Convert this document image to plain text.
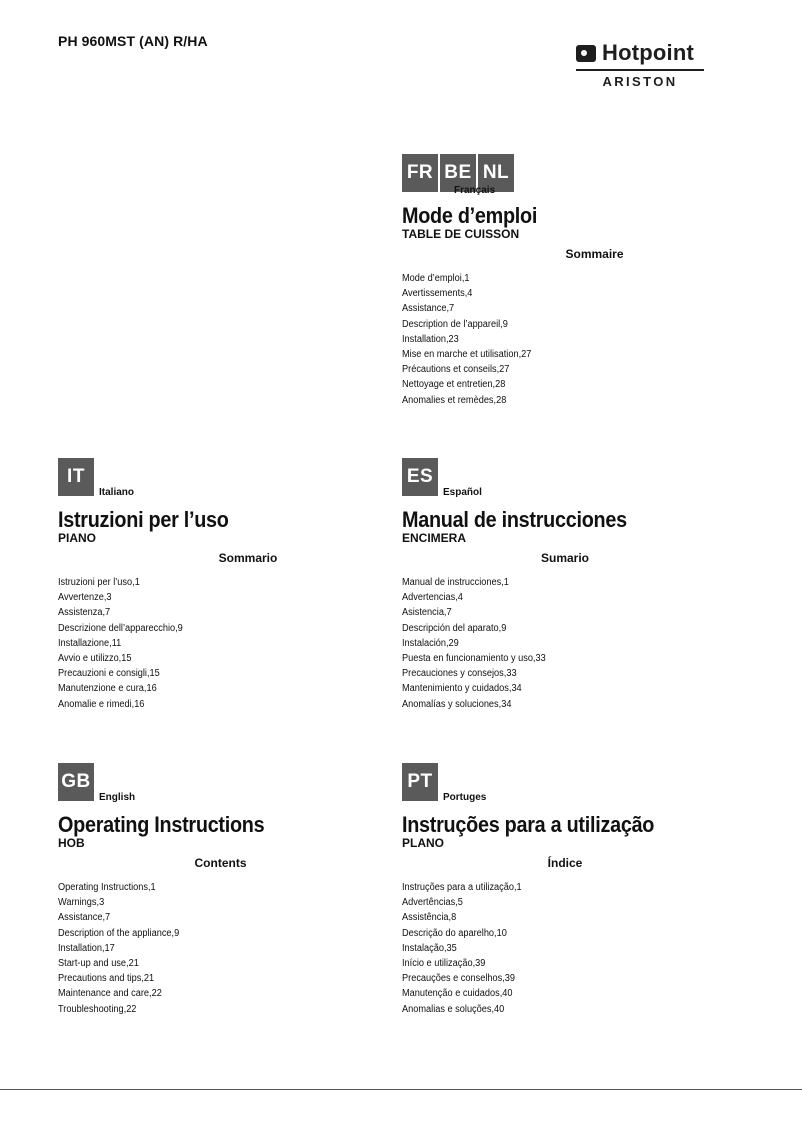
PH 960MST (AN) R/HA	Hotpoint
ARISTON
FR BE NL
Français
Mode d’emploi
TABLE DE CUISSON
Sommaire
Mode d’emploi,1
Avertissements,4
Assistance,7
Description de l’appareil,9
Installation,23
Mise en marche et utilisation,27
Précautions et conseils,27
Nettoyage et entretien,28
Anomalies et remèdes,28
IT
Italiano
Istruzioni per l’uso
PIANO
Sommario
Istruzioni per l’uso,1
Avvertenze,3
Assistenza,7
Descrizione dell’apparecchio,9
Installazione,11
Avvio e utilizzo,15
Precauzioni e consigli,15
Manutenzione e cura,16
Anomalie e rimedi,16
ES
Español
Manual de instrucciones
ENCIMERA
Sumario
Manual de instrucciones,1
Advertencias,4
Asistencia,7
Descripción del aparato,9
Instalación,29
Puesta en funcionamiento y uso,33
Precauciones y consejos,33
Mantenimiento y cuidados,34
Anomalías y soluciones,34
GB
English
Operating Instructions
HOB
Contents
Operating Instructions,1
Warnings,3
Assistance,7
Description of the appliance,9
Installation,17
Start-up and use,21
Precautions and tips,21
Maintenance and care,22
Troubleshooting,22
PT
Portuges
Instruções para a utilização
PLANO
Índice
Instruções para a utilização,1
Advertências,5
Assistência,8
Descrição do aparelho,10
Instalação,35
Início e utilização,39
Precauções e conselhos,39
Manutenção e cuidados,40
Anomalias e soluções,40
